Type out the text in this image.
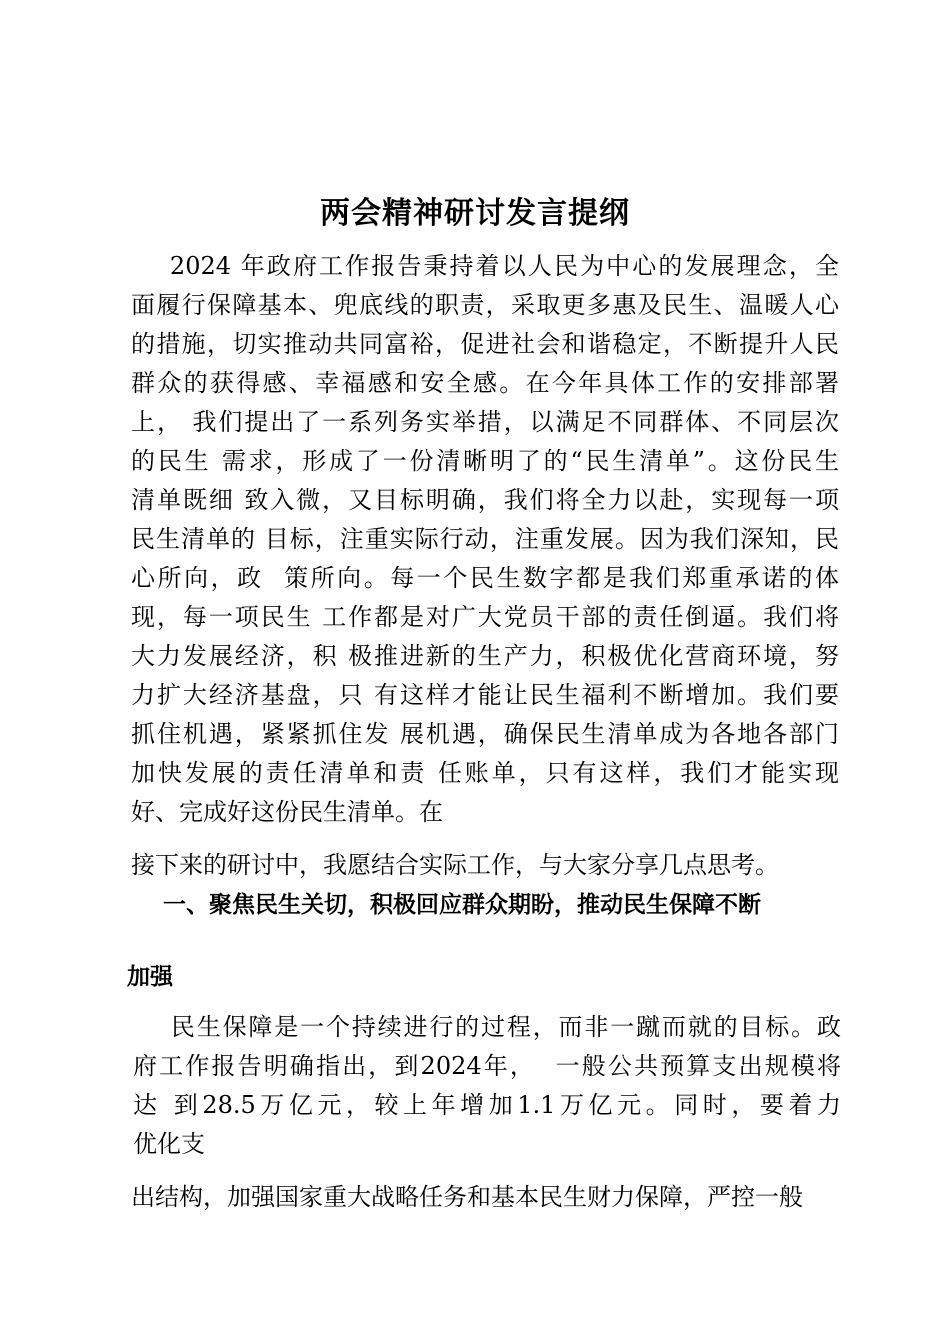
两会精神研讨发言提纲
2024 年政府工作报告秉持着以人民为中心的发展理念，全
面履行保障基本、兜底线的职责，采取更多惠及民生、温暖人心
的措施，切实推动共同富裕，促进社会和谐稳定，不断提升人民
群众的获得感、幸福感和安全感。在今年具体工作的安排部署
上， 我们提出了一系列务实举措，以满足不同群体、不同层次
的民生 需求，形成了一份清晰明了的“民生清单”。这份民生
清单既细 致入微，又目标明确，我们将全力以赴，实现每一项
民生清单的 目标，注重实际行动，注重发展。因为我们深知，民
心所向，政  策所向。每一个民生数字都是我们郑重承诺的体
现，每一项民生 工作都是对广大党员干部的责任倒逼。我们将
大力发展经济，积 极推进新的生产力，积极优化营商环境，努
力扩大经济基盘，只 有这样才能让民生福利不断增加。我们要
抓住机遇，紧紧抓住发 展机遇，确保民生清单成为各地各部门
加快发展的责任清单和责 任账单，只有这样，我们才能实现
好、完成好这份民生清单。在
接下来的研讨中，我愿结合实际工作，与大家分享几点思考。
一、聚焦民生关切，积极回应群众期盼，推动民生保障不断
加强
民生保障是一个持续进行的过程，而非一蹴而就的目标。政
府工作报告明确指出，到2024年，  一般公共预算支出规模将
达 到28.5万亿元，较上年增加1.1万亿元。同时，要着力
优化支
出结构，加强国家重大战略任务和基本民生财力保障，严控一般
